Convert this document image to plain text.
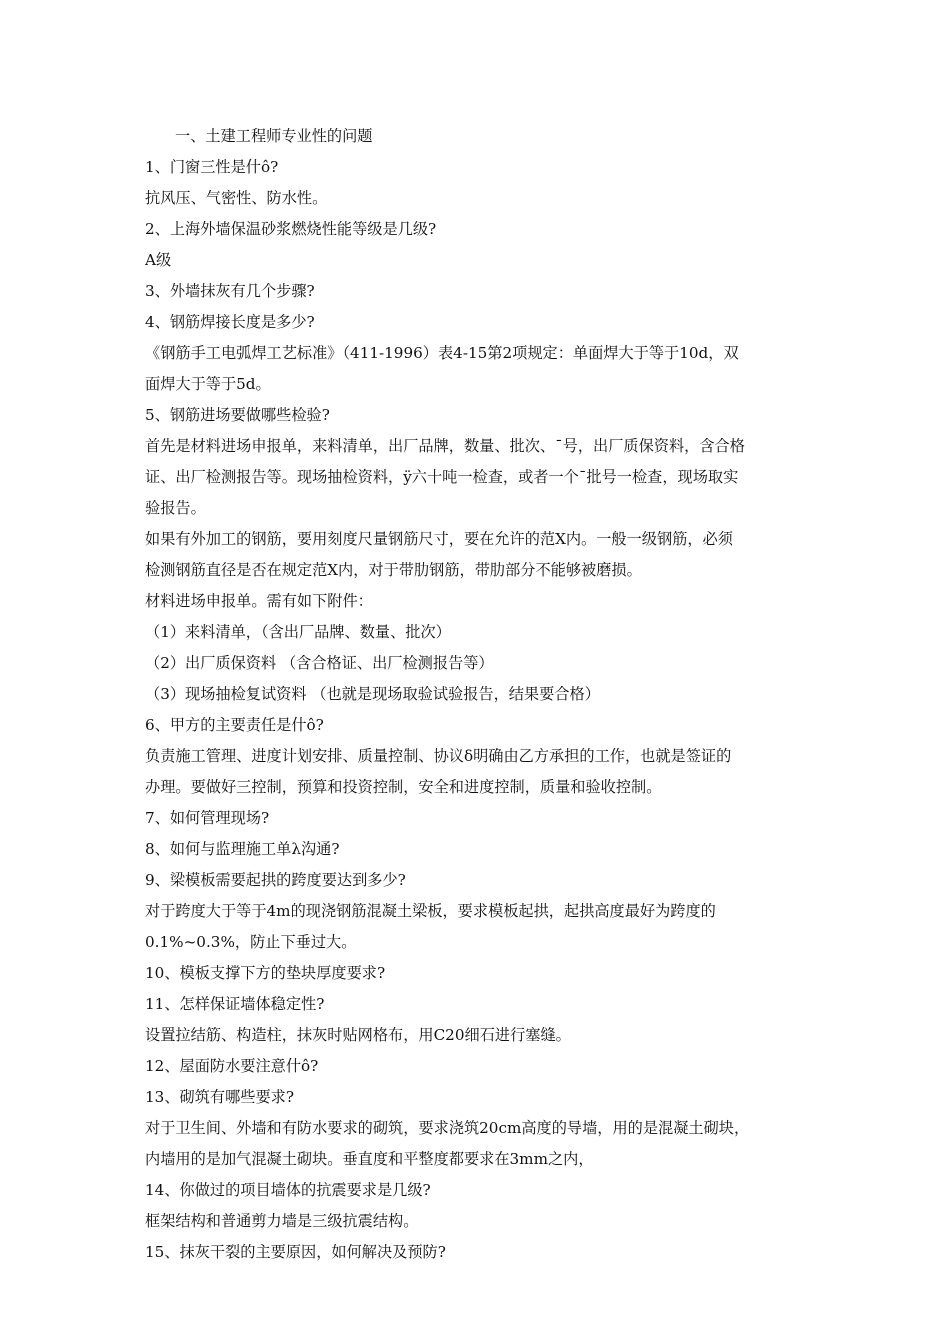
一、土建工程师专业性的问题
1、门窗三性是什ô?
抗风压、气密性、防水性。
2、上海外墙保温砂浆燃烧性能等级是几级?
A级
3、外墙抹灰有几个步骤?
4、钢筋焊接长度是多少?
《钢筋手工电弧焊工艺标准》（411-1996）表4-15第2项规定：单面焊大于等于10d，双
面焊大于等于5d。
5、钢筋进场要做哪些检验?
首先是材料进场申报单，来料清单，出厂品牌，数量、批次、¯号，出厂质保资料，含合格
证、出厂检测报告等。现场抽检资料，ÿ六十吨一检查，或者一个¯批号一检查，现场取实
验报告。
如果有外加工的钢筋，要用刻度尺量钢筋尺寸，要在允许的范Χ内。一般一级钢筋，必须
检测钢筋直径是否在规定范Χ内，对于带肋钢筋，带肋部分不能够被磨损。
材料进场申报单。需有如下附件：
（1）来料清单，（含出厂品牌、数量、批次）
（2）出厂质保资料 （含合格证、出厂检测报告等）
（3）现场抽检复试资料 （也就是现场取验试验报告，结果要合格）
6、甲方的主要责任是什ô?
负责施工管理、进度计划安排、质量控制、协议δ明确由乙方承担的工作，也就是签证的
办理。要做好三控制，预算和投资控制，安全和进度控制，质量和验收控制。
7、如何管理现场?
8、如何与监理施工单λ沟通?
9、梁模板需要起拱的跨度要达到多少?
对于跨度大于等于4m的现浇钢筋混凝土梁板，要求模板起拱，起拱高度最好为跨度的
0.1%~0.3%，防止下垂过大。
10、模板支撑下方的垫块厚度要求?
11、怎样保证墙体稳定性?
设置拉结筋、构造柱，抹灰时贴网格布，用C20细石进行塞缝。
12、屋面防水要注意什ô?
13、砌筑有哪些要求?
对于卫生间、外墙和有防水要求的砌筑，要求浇筑20cm高度的导墙，用的是混凝土砌块，
内墙用的是加气混凝土砌块。垂直度和平整度都要求在3mm之内，
14、你做过的项目墙体的抗震要求是几级?
框架结构和普通剪力墙是三级抗震结构。
15、抹灰干裂的主要原因，如何解决及预防?
